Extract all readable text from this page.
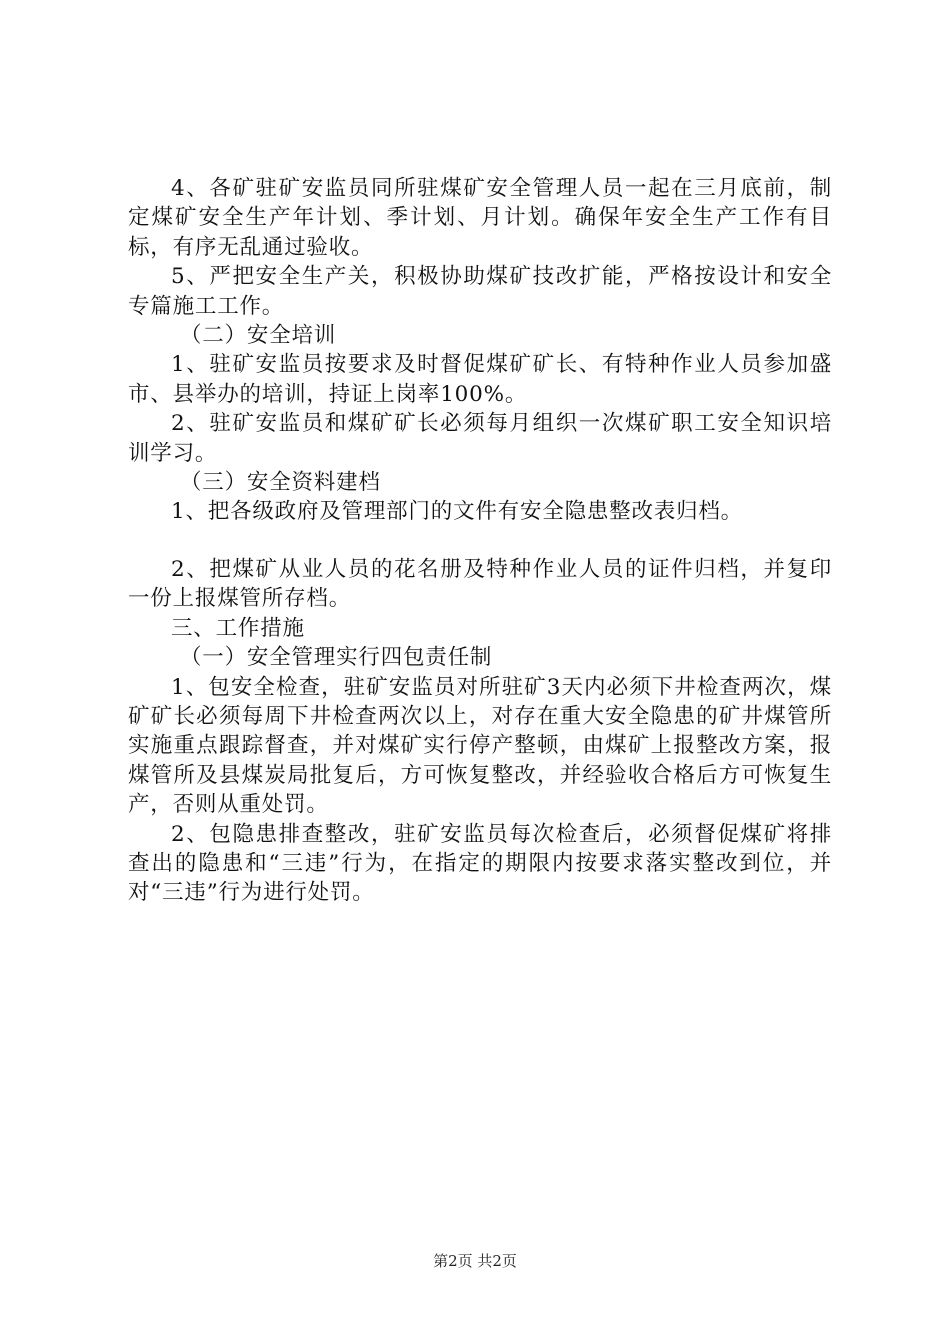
4、各矿驻矿安监员同所驻煤矿安全管理人员一起在三月底前，制定煤矿安全生产年计划、季计划、月计划。确保年安全生产工作有目标，有序无乱通过验收。

5、严把安全生产关，积极协助煤矿技改扩能，严格按设计和安全专篇施工工作。

（二）安全培训

1、驻矿安监员按要求及时督促煤矿矿长、有特种作业人员参加盛市、县举办的培训，持证上岗率100%。

2、驻矿安监员和煤矿矿长必须每月组织一次煤矿职工安全知识培训学习。

（三）安全资料建档

1、把各级政府及管理部门的文件有安全隐患整改表归档。

2、把煤矿从业人员的花名册及特种作业人员的证件归档，并复印一份上报煤管所存档。

三、工作措施

（一）安全管理实行四包责任制

1、包安全检查，驻矿安监员对所驻矿3天内必须下井检查两次，煤矿矿长必须每周下井检查两次以上，对存在重大安全隐患的矿井煤管所实施重点跟踪督查，并对煤矿实行停产整顿，由煤矿上报整改方案，报煤管所及县煤炭局批复后，方可恢复整改，并经验收合格后方可恢复生产，否则从重处罚。

2、包隐患排查整改，驻矿安监员每次检查后，必须督促煤矿将排查出的隐患和“三违”行为，在指定的期限内按要求落实整改到位，并对“三违”行为进行处罚。

第2页 共2页
